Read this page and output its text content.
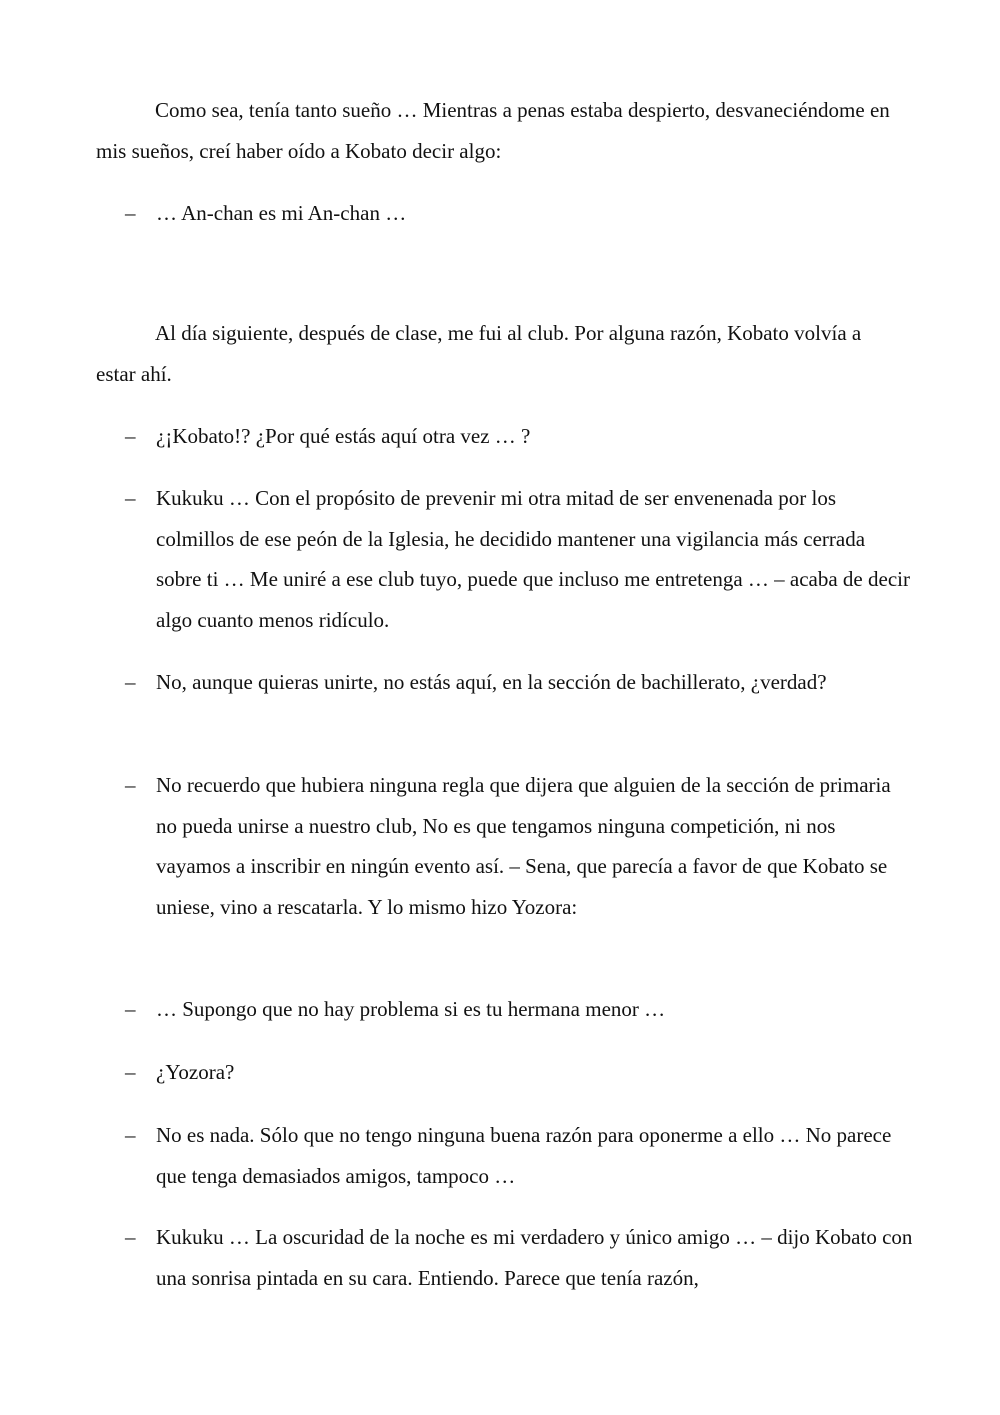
Como sea, tenía tanto sueño … Mientras a penas estaba despierto, desvaneciéndome en mis sueños, creí haber oído a Kobato decir algo:

– … An-chan es mi An-chan …

Al día siguiente, después de clase, me fui al club. Por alguna razón, Kobato volvía a estar ahí.

– ¿¡Kobato!? ¿Por qué estás aquí otra vez … ?
– Kukuku … Con el propósito de prevenir mi otra mitad de ser envenenada por los colmillos de ese peón de la Iglesia, he decidido mantener una vigilancia más cerrada sobre ti … Me uniré a ese club tuyo, puede que incluso me entretenga … – acaba de decir algo cuanto menos ridículo.
– No, aunque quieras unirte, no estás aquí, en la sección de bachillerato, ¿verdad?
– No recuerdo que hubiera ninguna regla que dijera que alguien de la sección de primaria no pueda unirse a nuestro club, No es que tengamos ninguna competición, ni nos vayamos a inscribir en ningún evento así. – Sena, que parecía a favor de que Kobato se uniese, vino a rescatarla. Y lo mismo hizo Yozora:
– … Supongo que no hay problema si es tu hermana menor …
– ¿Yozora?
– No es nada. Sólo que no tengo ninguna buena razón para oponerme a ello … No parece que tenga demasiados amigos, tampoco …
– Kukuku … La oscuridad de la noche es mi verdadero y único amigo … – dijo Kobato con una sonrisa pintada en su cara. Entiendo. Parece que tenía razón,
